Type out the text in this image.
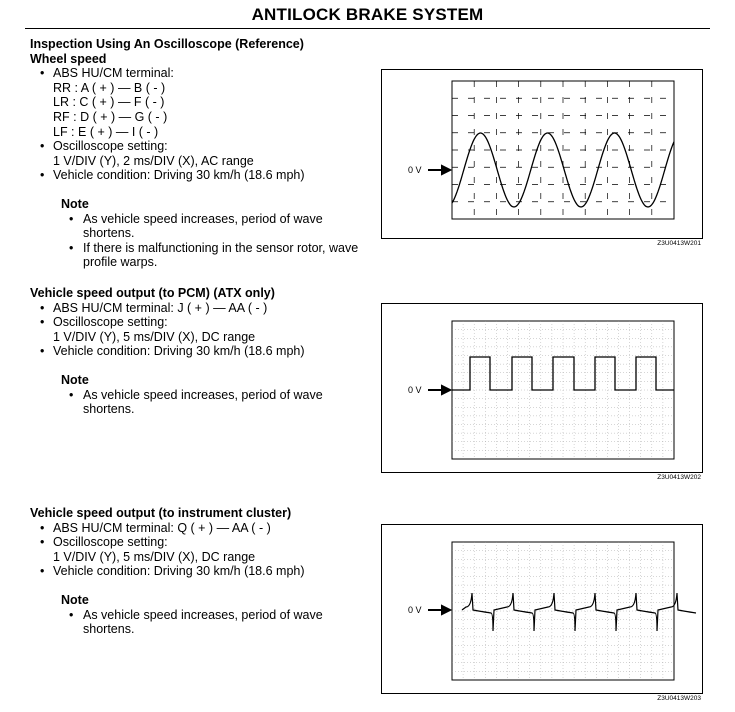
ANTILOCK BRAKE SYSTEM
Inspection Using An Oscilloscope (Reference)
Wheel speed
• ABS HU/CM terminal:
RR : A ( + ) — B ( - )
LR : C ( + ) — F ( - )
RF : D ( + ) — G ( - )
LF : E ( + ) — I ( - )
• Oscilloscope setting:
1 V/DIV (Y), 2 ms/DIV (X), AC range
• Vehicle condition: Driving 30 km/h (18.6 mph)
Note
• As vehicle speed increases, period of wave shortens.
• If there is malfunctioning in the sensor rotor, wave profile warps.
0 V
Z3U0413W201
Vehicle speed output (to PCM) (ATX only)
• ABS HU/CM terminal: J ( + ) — AA ( - )
• Oscilloscope setting:
1 V/DIV (Y), 5 ms/DIV (X), DC range
• Vehicle condition: Driving 30 km/h (18.6 mph)
Note
• As vehicle speed increases, period of wave shortens.
0 V
Z3U0413W202
Vehicle speed output (to instrument cluster)
• ABS HU/CM terminal: Q ( + ) — AA ( - )
• Oscilloscope setting:
1 V/DIV (Y), 5 ms/DIV (X), DC range
• Vehicle condition: Driving 30 km/h (18.6 mph)
Note
• As vehicle speed increases, period of wave shortens.
0 V
Z3U0413W203
